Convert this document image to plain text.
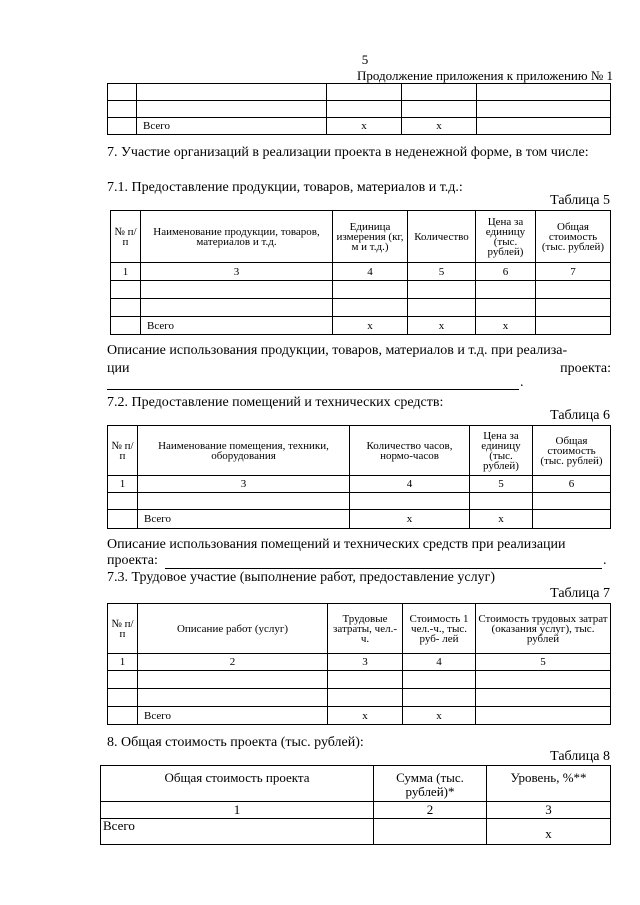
5
Продолжение приложения к приложению № 1

	Всего	x	x	
7. Участие организаций в реализации проекта в неденежной форме, в том числе:
7.1. Предоставление продукции, товаров, материалов и т.д.:
Таблица 5
№ п/п	Наименование продукции, товаров, материалов и т.д.	Единица измерения (кг, м и т.д.)	Количество	Цена за единицу (тыс. рублей)	Общая стоимость (тыс. рублей)
1	3	4	5	6	7

	Всего	x	x	x	
Описание использования продукции, товаров, материалов и т.д. при реализа-
ции	проекта:
.
7.2. Предоставление помещений и технических средств:
Таблица 6
№ п/п	Наименование помещения, техники, оборудования	Количество часов, нормо-часов	Цена за единицу (тыс. рублей)	Общая стоимость (тыс. рублей)
1	3	4	5	6

	Всего	x	x	
Описание использования помещений и технических средств при реализации
проекта:	.
7.3. Трудовое участие (выполнение работ, предоставление услуг)
Таблица 7
№ п/п	Описание работ (услуг)	Трудовые затраты, чел.- ч.	Стоимость 1 чел.-ч., тыс. руб- лей	Стоимость трудовых затрат (оказания услуг), тыс. рублей
1	2	3	4	5

	Всего	x	x	
8. Общая стоимость проекта (тыс. рублей):
Таблица 8
Общая стоимость проекта	Сумма (тыс. рублей)*	Уровень, %**
1	2	3
Всего		x
